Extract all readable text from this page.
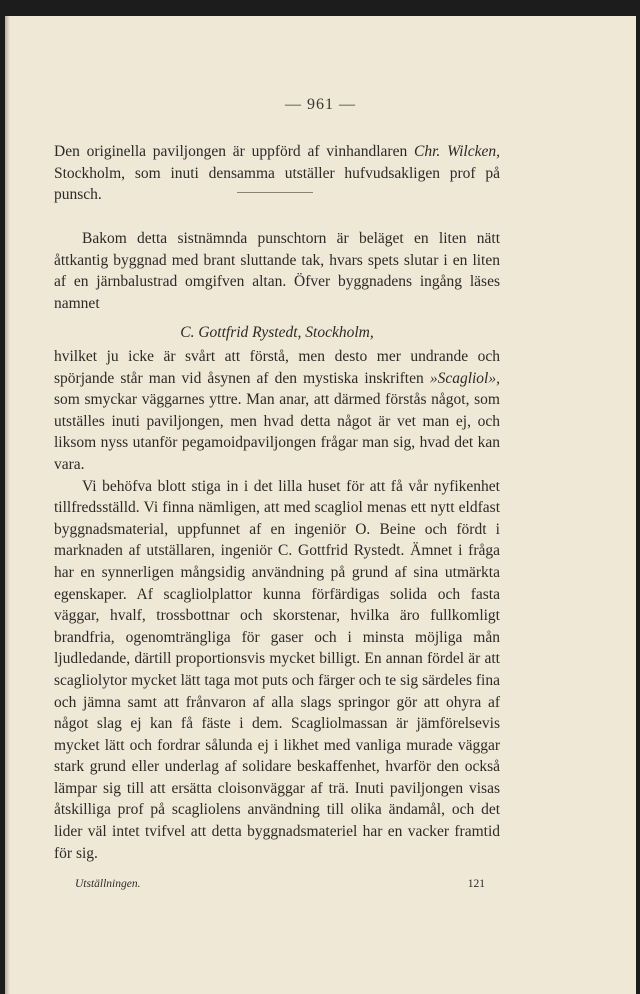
— 961 —

Den originella paviljongen är uppförd af vinhandlaren Chr. Wilcken, Stockholm, som inuti densamma utställer hufvudsakligen prof på punsch.

Bakom detta sistnämnda punschtorn är beläget en liten nätt åttkantig byggnad med brant sluttande tak, hvars spets slutar i en liten af en järnbalustrad omgifven altan. Öfver byggnadens ingång läses namnet

C. Gottfrid Rystedt, Stockholm,

hvilket ju icke är svårt att förstå, men desto mer undrande och spörjande står man vid åsynen af den mystiska inskriften »Scagliol», som smyckar väggarnes yttre. Man anar, att därmed förstås något, som utställes inuti paviljongen, men hvad detta något är vet man ej, och liksom nyss utanför pegamoidpaviljongen frågar man sig, hvad det kan vara.

Vi behöfva blott stiga in i det lilla huset för att få vår nyfikenhet tillfredsställd. Vi finna nämligen, att med scagliol menas ett nytt eldfast byggnadsmaterial, uppfunnet af en ingeniör O. Beine och fördt i marknaden af utställaren, ingeniör C. Gottfrid Rystedt. Ämnet i fråga har en synnerligen mångsidig användning på grund af sina utmärkta egenskaper. Af scagliolplattor kunna förfärdigas solida och fasta väggar, hvalf, trossbottnar och skorstenar, hvilka äro fullkomligt brandfria, ogenomträngliga för gaser och i minsta möjliga mån ljudledande, därtill proportionsvis mycket billigt. En annan fördel är att scagliolytor mycket lätt taga mot puts och färger och te sig särdeles fina och jämna samt att frånvaron af alla slags springor gör att ohyra af något slag ej kan få fäste i dem. Scagliolmassan är jämförelsevis mycket lätt och fordrar sålunda ej i likhet med vanliga murade väggar stark grund eller underlag af solidare beskaffenhet, hvarför den också lämpar sig till att ersätta cloisonväggar af trä. Inuti paviljongen visas åtskilliga prof på scagliolens användning till olika ändamål, och det lider väl intet tvifvel att detta byggnadsmateriel har en vacker framtid för sig.

Utställningen.	121
